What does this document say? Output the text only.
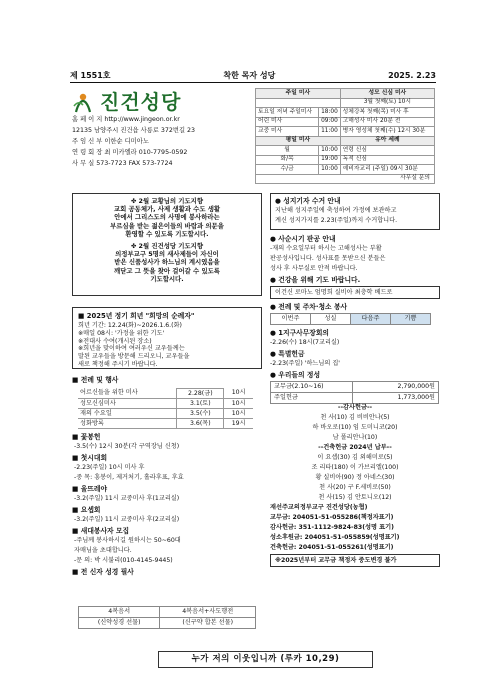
제 1551호	착한 목자 성당	2025. 2.23
진건성당
홈 페 이 지 http://www.jingeon.or.kr
12135 남양주시 진건읍 사릉로 372번길 23
주 임 신 부 이한순 디미아노
연 령 회 장 최 미카엘라 010-7795-0592
사 무 실 573-7723 FAX 573-7724
주일 미사		성모 신심 미사
		3월 첫째(토) 10시
토요일 저녁 주일미사	18:00	성체강복 첫째(목) 미사 후
어린 미사	09:00	고해성사 미사 20분 전
교중 미사	11:00	병자 영성체 첫째(수) 12시 30분
평일 미사		유아 세례
월	10:00	연령 신심
화/목	19:00	독적 신심
수/금	10:00	예비자교리 (주일) 09시 30분
사무실 문의		
✤ 2월 교황님의 기도지향
교회 공동체가, 사제 생활과 수도 생활
안에서 그리스도의 사명에 봉사하라는
부르심을 받는 젊은이들의 바람과 의문을
환영할 수 있도록 기도합시다.
✤ 2월 진건성당 기도지향
의정부교구 5명의 새사제들이 자신이
받은 신품성사가 하느님의 계시였음을
깨닫고 그 뜻을 찾아 걸어갈 수 있도록
기도합시다.
■ 2025년 정기 희년 "희망의 순례자"
희년 기간: 12.24(화)~2026.1.6.(화)
※매일 08시: '가정을 위한 기도'
※전대사 수여(개시된 장소)
※희년을 맞이하여 여러우신 교우들께는
말된 교우들을 방문해 드리오니, 교우들을
새로 책정해 주시기 바랍니다.
■ 전례 및 행사
어르신들을 위한 미사	2.28(금)	10시
성모신심미사	3.1(토)	10시
재의 수요일	3.5(수)	10시
성화방록	3.6(목)	19시
■ 꽃봉헌
-3.5(수) 12시 30분(각 구역장님 신청)
■ 첫시대회
-2.23(주일) 10시 미사 후
-중 목: 흥봉이, 제거처기, 홀라후표, 후효
■ 울뜨레야
-3.2(주일) 11시 교중미사 후(1교리실)
■ 요셉회
-3.2(주일) 11시 교중미사 후(2교리실)
■ 새대봉사자 모집
-주님께 봉사하시길 원하시는 50~60대
자매님을 초대합니다.
-문 의: 박 시불리(010-4145-9445)
■ 전 신자 성경 필사
4복음서	4복음서+사도행전
(신약성경 선물)	(신구약 합본 선물)
● 성지기자 수거 안내
지난해 성지주일에 축성하여 가정에 보관하고
계신 성지가지를 2.23(주일)까지 수거합니다.
● 사순시기 판공 안내
-재의 수요일부터 하시는 고해성사는 부활
판공성사입니다. 성사표를 못받으신 분들은
성사 후 사무실로 안적 바랍니다.
● 건강을 위해 기도 바랍니다.
이건신 로마노 엄명희 실비아 최충학 베드로
● 전례 및 주차·청소 봉사
이번주	성실	다음주	기쁨
● 1지구사무장회의
-2.26(수) 18시(7교리실)
● 특별헌금
-2.23(주일) '하느님의 집'
● 우리들의 정성
교무금(2.10~16)	2,790,000원
주일헌금	1,773,000원
--감사헌금--
천 사(10) 김 비비안나(5)
하 바오로(10) 임 도미니코(20)
남 폴리안나(10)
--건축헌금 2024년 납부--
이 요셉(30) 김 외해미로(5)
조 리타(180) 이 가브리엘(100)
황 실비아(90) 정 아네스(30)
천 사(20) 구 F.세비로(50)
천 사(15) 김 안토니오(12)
재선주교의정부교구 진건성당(농협)
교무금: 204051-51-055286(책정자표기)
감사헌금: 351-1112-9824-83(성명 표기)
성소후원금: 204051-51-055859(성명표기)
건축헌금: 204051-51-055261(성명표기)
※2025년부터 교무금 책정자 중도변경 불가
누가 저의 이웃입니까 (루카 10,29)
